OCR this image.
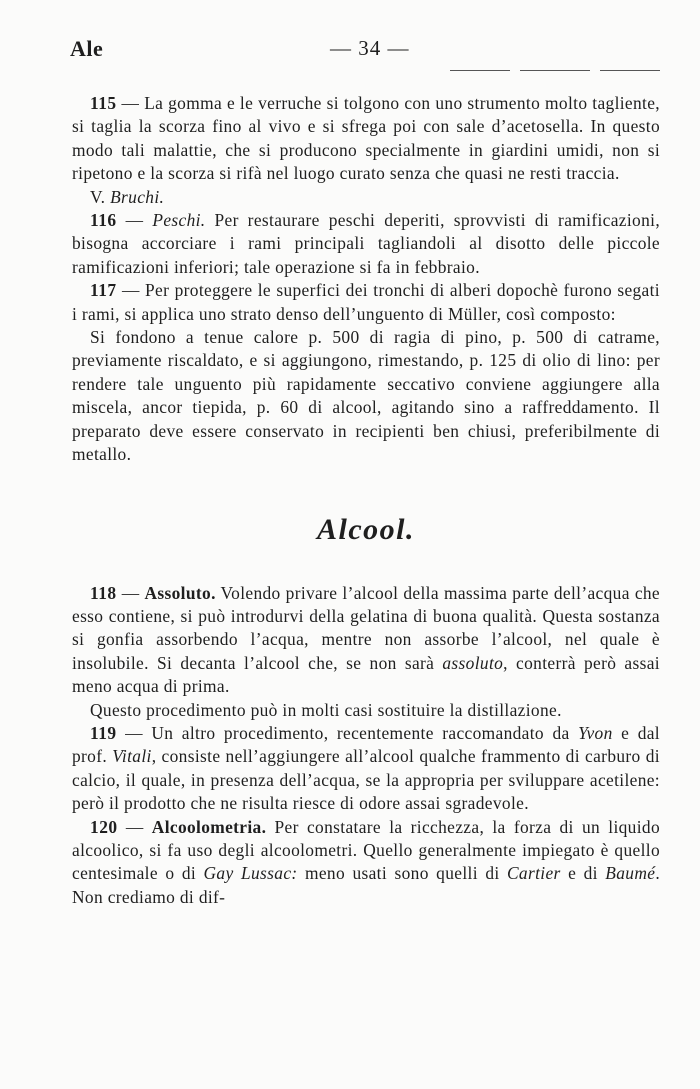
Ale	— 34 —

115 — La gomma e le verruche si tolgono con uno strumento molto tagliente, si taglia la scorza fino al vivo e si sfrega poi con sale d’acetosella. In questo modo tali malattie, che si producono specialmente in giardini umidi, non si ripetono e la scorza si rifà nel luogo curato senza che quasi ne resti traccia.

V. Bruchi.

116 — Peschi. Per restaurare peschi deperiti, sprovvisti di ramificazioni, bisogna accorciare i rami principali tagliandoli al disotto delle piccole ramificazioni inferiori; tale operazione si fa in febbraio.

117 — Per proteggere le superfici dei tronchi di alberi dopochè furono segati i rami, si applica uno strato denso dell’unguento di Müller, così composto:

Si fondono a tenue calore p. 500 di ragia di pino, p. 500 di catrame, previamente riscaldato, e si aggiungono, rimestando, p. 125 di olio di lino: per rendere tale unguento più rapidamente seccativo conviene aggiungere alla miscela, ancor tiepida, p. 60 di alcool, agitando sino a raffreddamento. Il preparato deve essere conservato in recipienti ben chiusi, preferibilmente di metallo.

Alcool.

118 — Assoluto. Volendo privare l’alcool della massima parte dell’acqua che esso contiene, si può introdurvi della gelatina di buona qualità. Questa sostanza si gonfia assorbendo l’acqua, mentre non assorbe l’alcool, nel quale è insolubile. Si decanta l’alcool che, se non sarà assoluto, conterrà però assai meno acqua di prima.

Questo procedimento può in molti casi sostituire la distillazione.

119 — Un altro procedimento, recentemente raccomandato da Yvon e dal prof. Vitali, consiste nell’aggiungere all’alcool qualche frammento di carburo di calcio, il quale, in presenza dell’acqua, se la appropria per sviluppare acetilene: però il prodotto che ne risulta riesce di odore assai sgradevole.

120 — Alcoolometria. Per constatare la ricchezza, la forza di un liquido alcoolico, si fa uso degli alcoolometri. Quello generalmente impiegato è quello centesimale o di Gay Lussac: meno usati sono quelli di Cartier e di Baumé. Non crediamo di dif-
